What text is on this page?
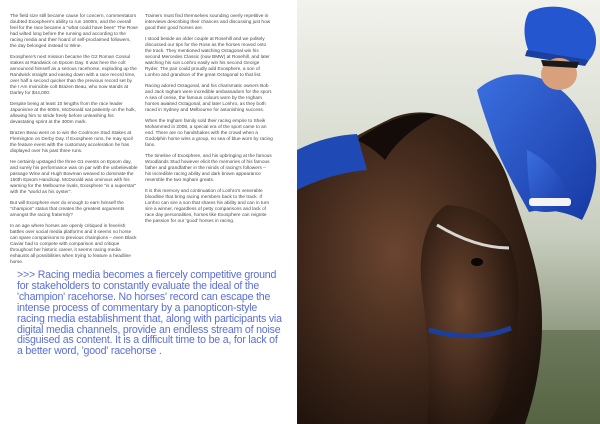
The field size still became cause for concern, commentators doubted Exosphere's ability to run 1600m, and the overall feel for the race became a "what could have been" The Rose had wilted long before the running and according to the racing media and their hoard of self-proclaimed followers, the day belonged instead to Wine.

Exosphere's next mission became the G2 Roman Consul stakes at Randwick on Epsom Day. It was here the colt announced himself as a serious racehorse, exploding up the Randwick straight and easing down with a race record time, over half a second quicker than the previous record set by the I Am Invincible colt Brazen Beau, who now stands at Darley for $44,000.

Despite being at least 10 lengths from the race leader Japonisme at the 600m, McDonald sat patiently on the hulk, allowing him to stride freely before unleashing his devastating sprint at the 300m mark.

Brazen Beau went on to win the Coolmore Stud Stakes at Flemington on Derby Day. If Exosphere runs, he may spoil the feature event with the customary acceleration he has displayed over his past three runs.

He certainly upstaged the three G1 events on Epsom day, and surely his performance was on par with the unbelievable passage Wine and Hugh Bowman weaved to dominate the 150th Epsom Handicap. McDonald was ominous with his warning for the Melbourne rivals, Exosphere "is a superstar" with the "world as his oyster".

But will Exosphere ever do enough to earn himself the "champion" status that creates the greatest arguments amongst the racing fraternity?

In an age where horses are openly critiqued in feverish battles over social media platforms and it seems no horse can spare comparisons to previous champions – even Black Caviar had to compete with comparison and critique throughout her historic career, it seems racing media exhausts all possibilities when trying to feature a headline horse.

Trainers must find themselves sounding overly repetitive in interviews describing their chances and discussing just how good their good horses are.

I stood beside an older couple at Rosehill and we politely discussed our tips for the Rose as the horses moved onto the track. They mentioned watching Octagonal win his second Mercedes Classic (now BMW) at Rosehill, and later watching his son Lonhro easily win his second George Ryder. The pair could proudly add Exosphere, a son of Lonhro and grandson of the great Octagonal to that list.

Racing adored Octagonal, and his charismatic owners Bob and Jack Ingham were incredible ambassadors for the sport. A sea of cerise, the famous colours worn by the Ingham horses awaited Octagonal, and later Lonhro, as they both raced in Sydney and Melbourne for astonishing success.

When the Ingham family sold their racing empire to Sheik Mohammed in 2008, a special era of the sport came to an end. There are no handshakes with the crowd when a Godolphin horse wins a group, no sea of blue worn by racing fans.

The timeline of Exosphere, and his upbringing at the famous Woodlands Stud however elicit the memories of his famous father and grandfather in the minds of racing's followers – his incredible racing ability and dark brown appearance resemble the two Ingham greats.

It is this memory and continuation of Lonhro's venerable bloodline that bring racing members back to the track. If Lonhro can sire a son that shares his ability and can in turn sire a winner, regardless of petty comparisons and lack of race day personalities, horses like Exosphere can reignite the passion for our 'good' horses in racing.

>>> Racing media becomes a fiercely competitive ground for stakeholders to constantly evaluate the ideal of the 'champion' racehorse. No horses' record can escape the intense process of commentary by a panopticon-style racing media establishment that, along with participants via digital media channels, provide an endless stream of noise disguised as content. It is a difficult time to be a, for lack of a better word, 'good' racehorse .
